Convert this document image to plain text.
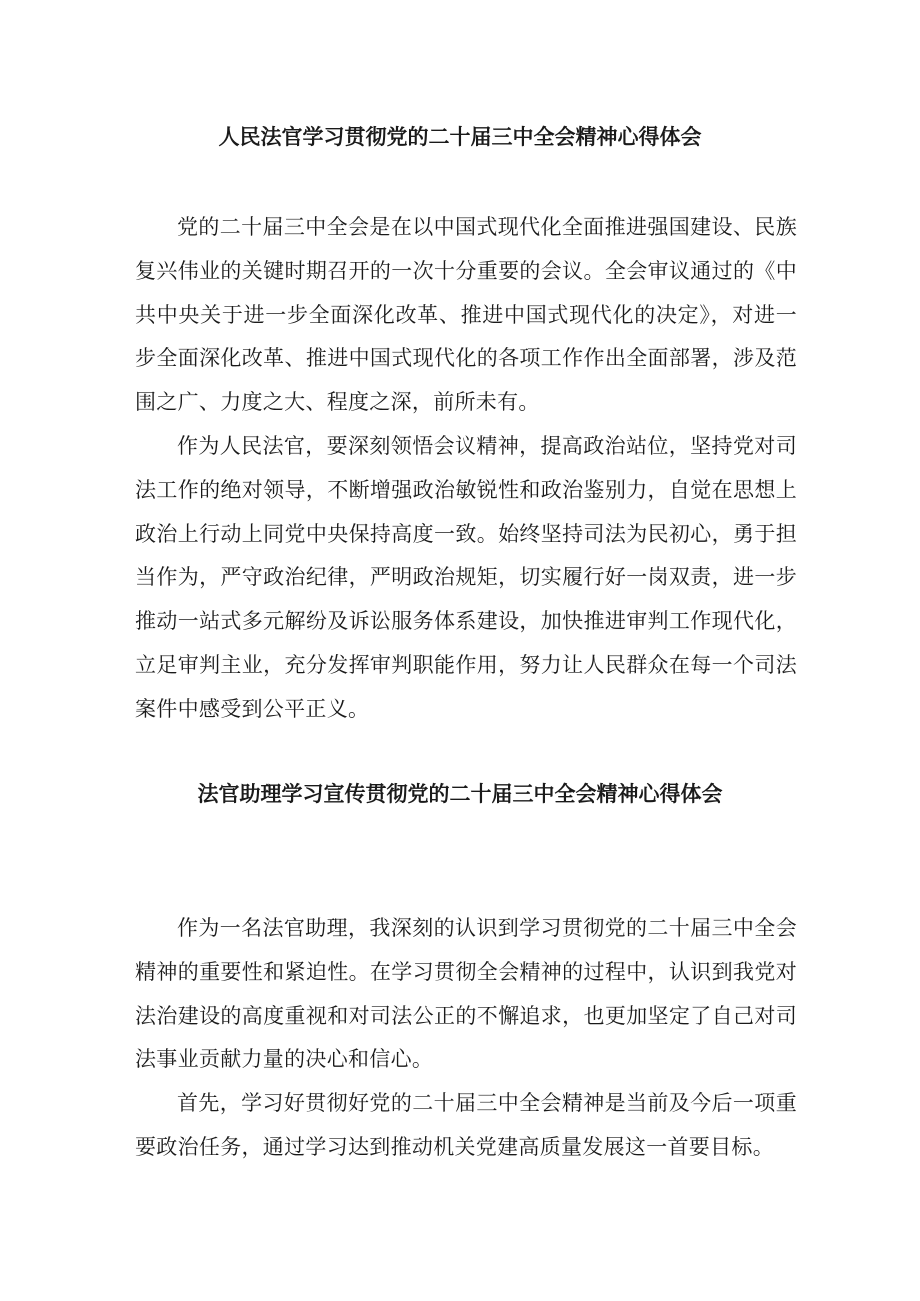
人民法官学习贯彻党的二十届三中全会精神心得体会

党的二十届三中全会是在以中国式现代化全面推进强国建设、民族复兴伟业的关键时期召开的一次十分重要的会议。全会审议通过的《中共中央关于进一步全面深化改革、推进中国式现代化的决定》，对进一步全面深化改革、推进中国式现代化的各项工作作出全面部署，涉及范围之广、力度之大、程度之深，前所未有。

作为人民法官，要深刻领悟会议精神，提高政治站位，坚持党对司法工作的绝对领导，不断增强政治敏锐性和政治鉴别力，自觉在思想上政治上行动上同党中央保持高度一致。始终坚持司法为民初心，勇于担当作为，严守政治纪律，严明政治规矩，切实履行好一岗双责，进一步推动一站式多元解纷及诉讼服务体系建设，加快推进审判工作现代化，立足审判主业，充分发挥审判职能作用，努力让人民群众在每一个司法案件中感受到公平正义。

法官助理学习宣传贯彻党的二十届三中全会精神心得体会

作为一名法官助理，我深刻的认识到学习贯彻党的二十届三中全会精神的重要性和紧迫性。在学习贯彻全会精神的过程中，认识到我党对法治建设的高度重视和对司法公正的不懈追求，也更加坚定了自己对司法事业贡献力量的决心和信心。

首先，学习好贯彻好党的二十届三中全会精神是当前及今后一项重要政治任务，通过学习达到推动机关党建高质量发展这一首要目标。
